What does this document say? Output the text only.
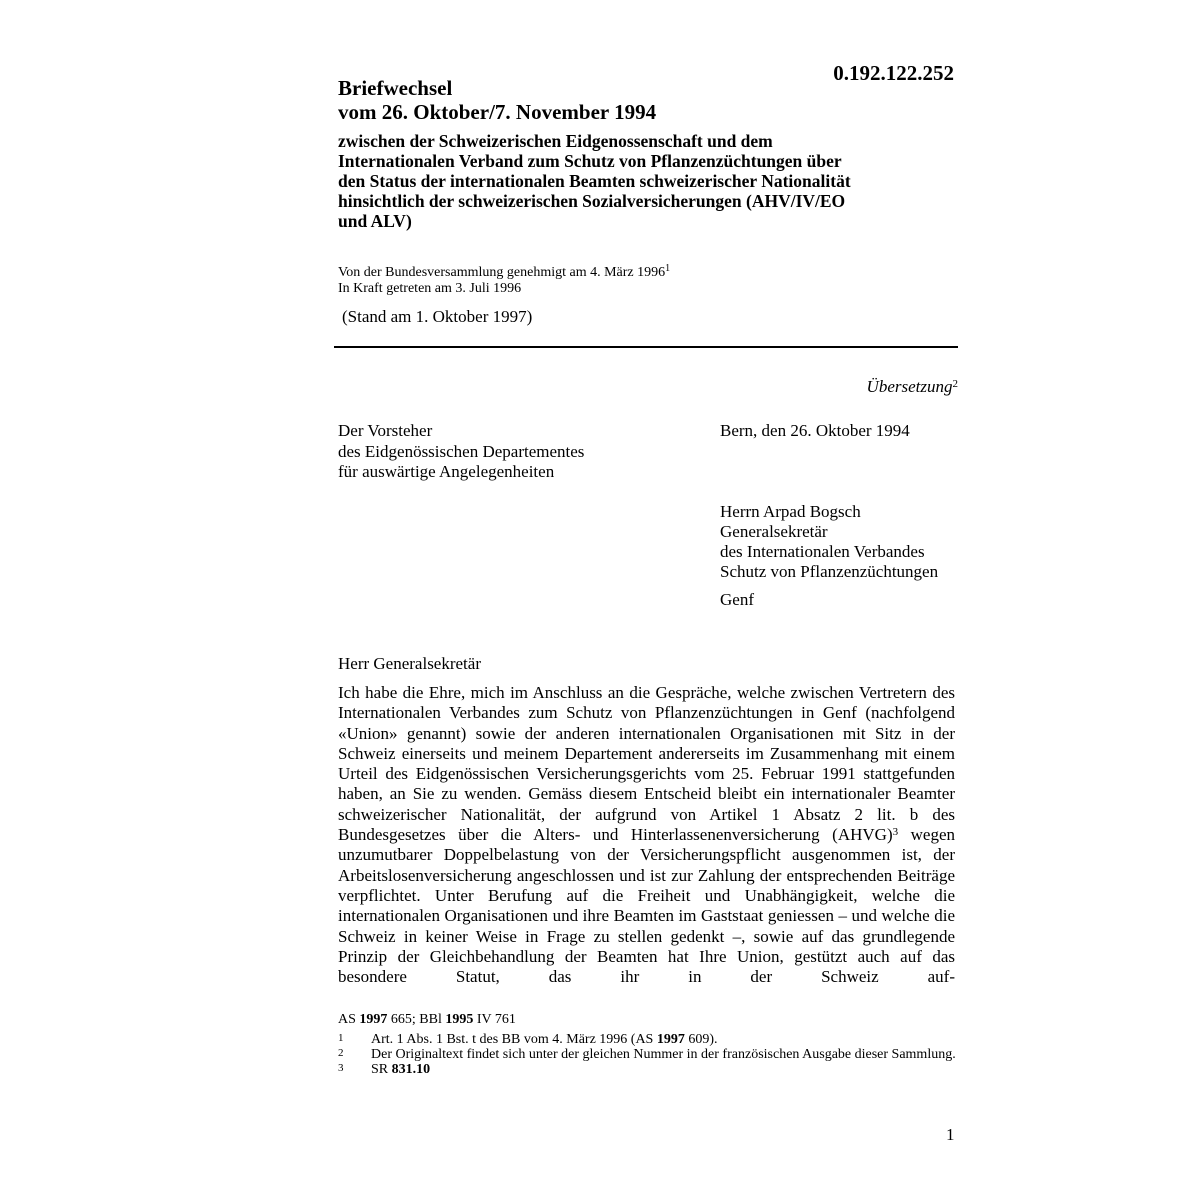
0.192.122.252
Briefwechsel
vom 26. Oktober/7. November 1994
zwischen der Schweizerischen Eidgenossenschaft und dem
Internationalen Verband zum Schutz von Pflanzenzüchtungen über
den Status der internationalen Beamten schweizerischer Nationalität
hinsichtlich der schweizerischen Sozialversicherungen (AHV/IV/EO
und ALV)
Von der Bundesversammlung genehmigt am 4. März 1996$^1$
In Kraft getreten am 3. Juli 1996
(Stand am 1. Oktober 1997)
Übersetzung$^2$
Der Vorsteher
des Eidgenössischen Departementes
für auswärtige Angelegenheiten
Bern, den 26. Oktober 1994
Herrn Arpad Bogsch
Generalsekretär
des Internationalen Verbandes
Schutz von Pflanzenzüchtungen
Genf
Herr Generalsekretär

Ich habe die Ehre, mich im Anschluss an die Gespräche, welche zwischen Vertretern des Internationalen Verbandes zum Schutz von Pflanzenzüchtungen in Genf (nachfolgend «Union» genannt) sowie der anderen internationalen Organisationen mit Sitz in der Schweiz einerseits und meinem Departement andererseits im Zusammenhang mit einem Urteil des Eidgenössischen Versicherungsgerichts vom 25. Februar 1991 stattgefunden haben, an Sie zu wenden. Gemäss diesem Entscheid bleibt ein internationaler Beamter schweizerischer Nationalität, der aufgrund von Artikel 1 Absatz 2 lit. b des Bundesgesetzes über die Alters- und Hinterlassenenversicherung (AHVG)$^3$ wegen unzumutbarer Doppelbelastung von der Versicherungspflicht ausgenommen ist, der Arbeitslosenversicherung angeschlossen und ist zur Zahlung der entsprechenden Beiträge verpflichtet. Unter Berufung auf die Freiheit und Unabhängigkeit, welche die internationalen Organisationen und ihre Beamten im Gaststaat geniessen – und welche die Schweiz in keiner Weise in Frage zu stellen gedenkt –, sowie auf das grundlegende Prinzip der Gleichbehandlung der Beamten hat Ihre Union, gestützt auch auf das besondere Statut, das ihr in der Schweiz auf-

AS 1997 665; BBl 1995 IV 761
1	Art. 1 Abs. 1 Bst. t des BB vom 4. März 1996 (AS 1997 609).
2	Der Originaltext findet sich unter der gleichen Nummer in der französischen Ausgabe dieser Sammlung.
3	SR 831.10
1
